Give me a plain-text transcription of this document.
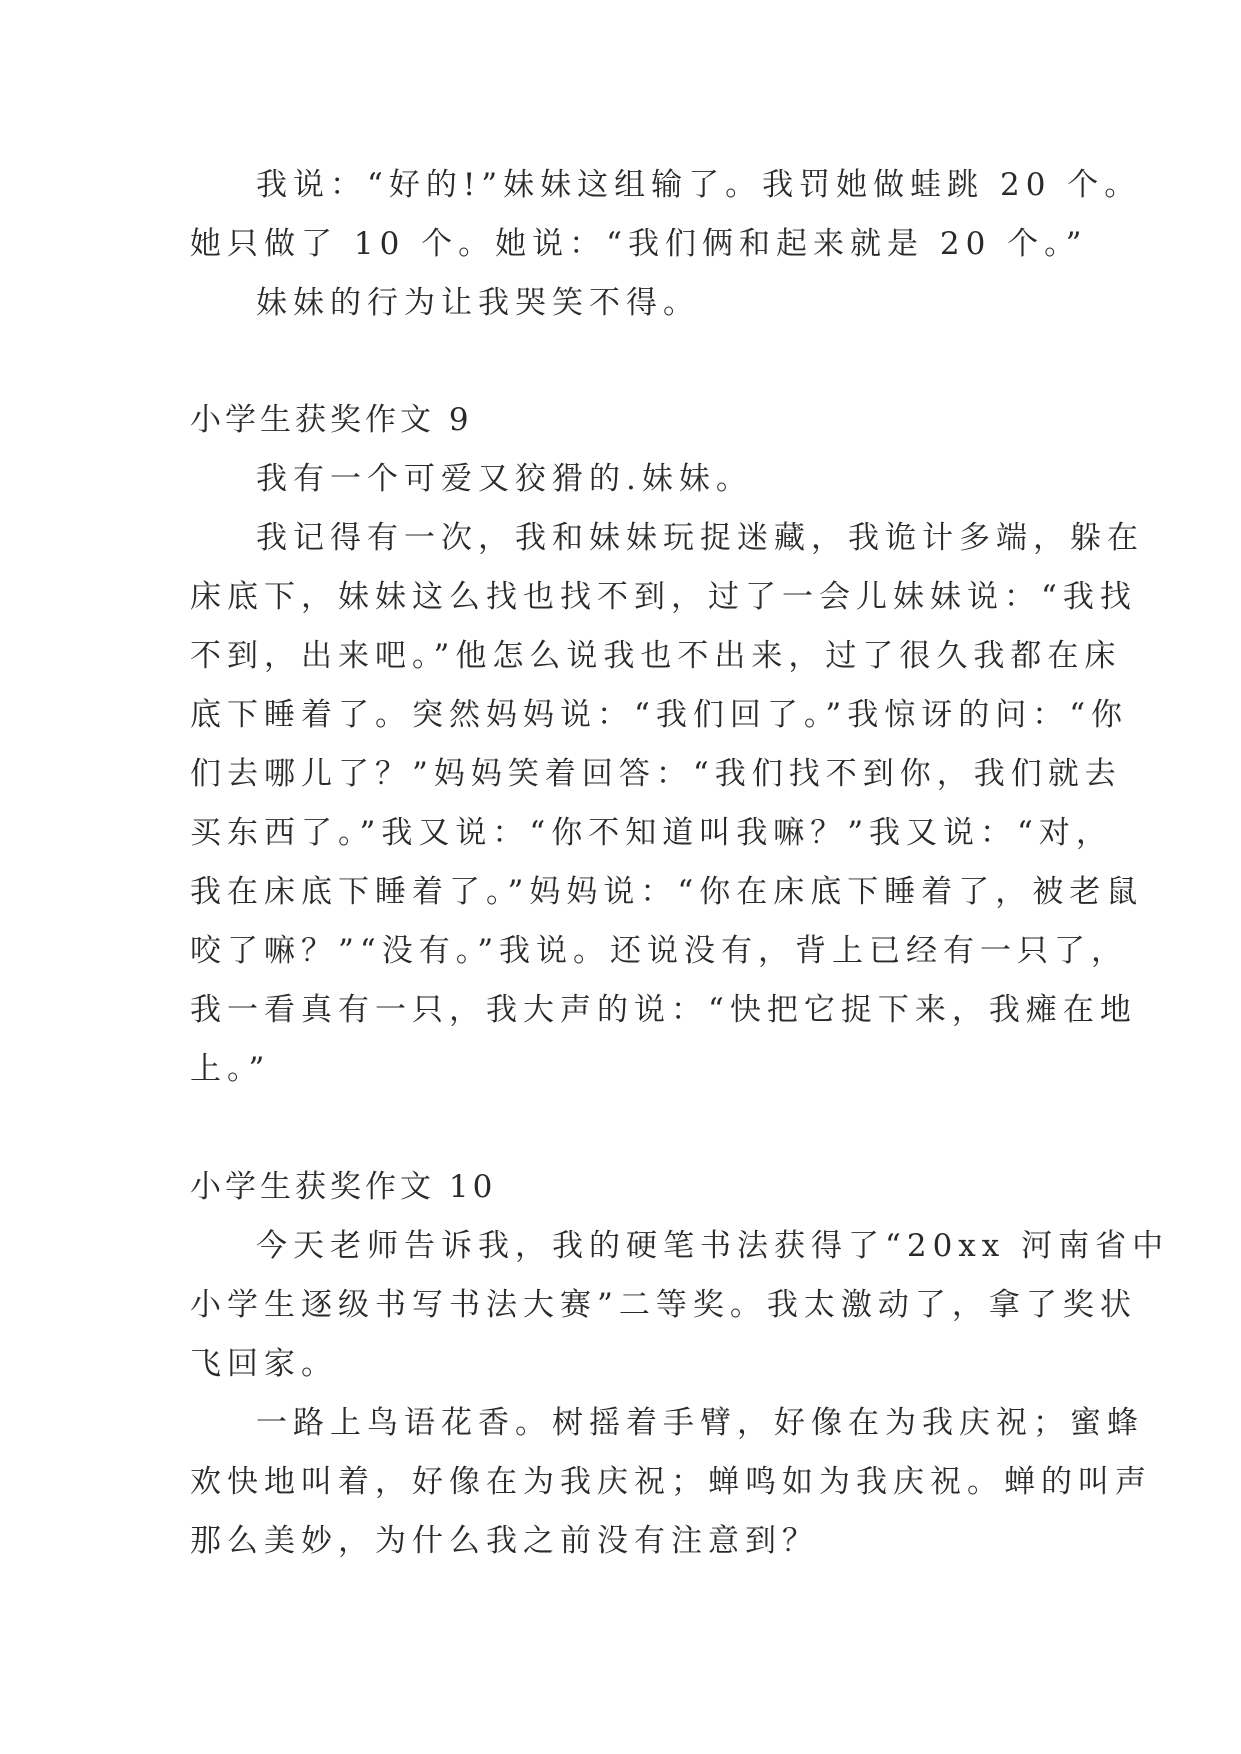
我说：“好的!”妹妹这组输了。我罚她做蛙跳 20 个。
她只做了 10 个。她说：“我们俩和起来就是 20 个。”
妹妹的行为让我哭笑不得。
小学生获奖作文 9
我有一个可爱又狡猾的.妹妹。
我记得有一次，我和妹妹玩捉迷藏，我诡计多端，躲在
床底下，妹妹这么找也找不到，过了一会儿妹妹说：“我找
不到，出来吧。”他怎么说我也不出来，过了很久我都在床
底下睡着了。突然妈妈说：“我们回了。”我惊讶的问：“你
们去哪儿了？”妈妈笑着回答：“我们找不到你，我们就去
买东西了。”我又说：“你不知道叫我嘛？”我又说：“对，
我在床底下睡着了。”妈妈说：“你在床底下睡着了，被老鼠
咬了嘛？”“没有。”我说。还说没有，背上已经有一只了，
我一看真有一只，我大声的说：“快把它捉下来，我瘫在地
上。”
小学生获奖作文 10
今天老师告诉我，我的硬笔书法获得了“20xx 河南省中
小学生逐级书写书法大赛”二等奖。我太激动了，拿了奖状
飞回家。
一路上鸟语花香。树摇着手臂，好像在为我庆祝；蜜蜂
欢快地叫着，好像在为我庆祝；蝉鸣如为我庆祝。蝉的叫声
那么美妙，为什么我之前没有注意到？
